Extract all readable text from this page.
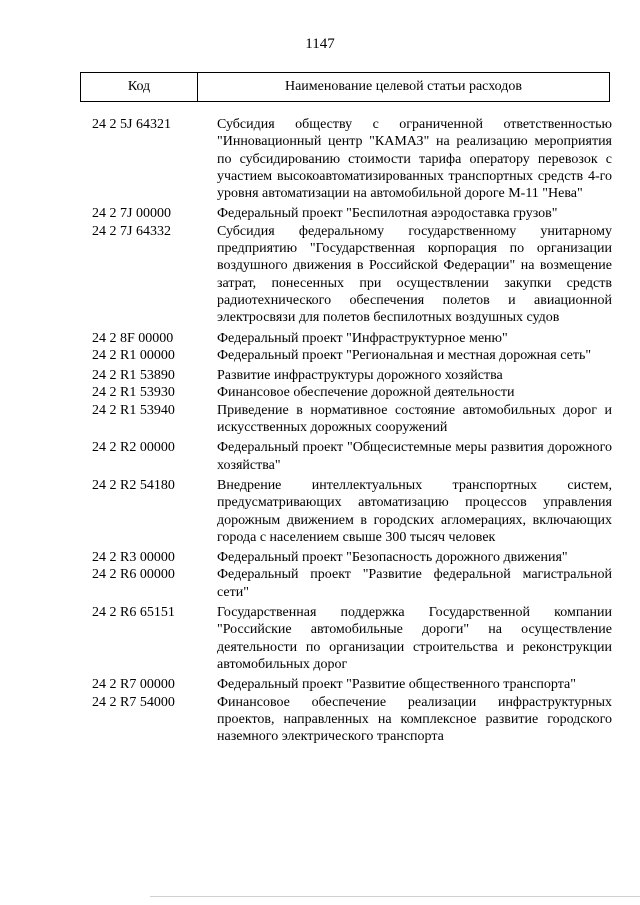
1147
Код	Наименование целевой статьи расходов
24 2 5J 64321	Субсидия обществу с ограниченной ответственностью "Инновационный центр "КАМАЗ" на реализацию мероприятия по субсидированию стоимости тарифа оператору перевозок с участием высокоавтоматизированных транспортных средств 4-го уровня автоматизации на автомобильной дороге М-11 "Нева"
24 2 7J 00000	Федеральный проект "Беспилотная аэродоставка грузов"
24 2 7J 64332	Субсидия федеральному государственному унитарному предприятию "Государственная корпорация по организации воздушного движения в Российской Федерации" на возмещение затрат, понесенных при осуществлении закупки средств радиотехнического обеспечения полетов и авиационной электросвязи для полетов беспилотных воздушных судов
24 2 8F 00000	Федеральный проект "Инфраструктурное меню"
24 2 R1 00000	Федеральный проект "Региональная и местная дорожная сеть"
24 2 R1 53890	Развитие инфраструктуры дорожного хозяйства
24 2 R1 53930	Финансовое обеспечение дорожной деятельности
24 2 R1 53940	Приведение в нормативное состояние автомобильных дорог и искусственных дорожных сооружений
24 2 R2 00000	Федеральный проект "Общесистемные меры развития дорожного хозяйства"
24 2 R2 54180	Внедрение интеллектуальных транспортных систем, предусматривающих автоматизацию процессов управления дорожным движением в городских агломерациях, включающих города с населением свыше 300 тысяч человек
24 2 R3 00000	Федеральный проект "Безопасность дорожного движения"
24 2 R6 00000	Федеральный проект "Развитие федеральной магистральной сети"
24 2 R6 65151	Государственная поддержка Государственной компании "Российские автомобильные дороги" на осуществление деятельности по организации строительства и реконструкции автомобильных дорог
24 2 R7 00000	Федеральный проект "Развитие общественного транспорта"
24 2 R7 54000	Финансовое обеспечение реализации инфраструктурных проектов, направленных на комплексное развитие городского наземного электрического транспорта
